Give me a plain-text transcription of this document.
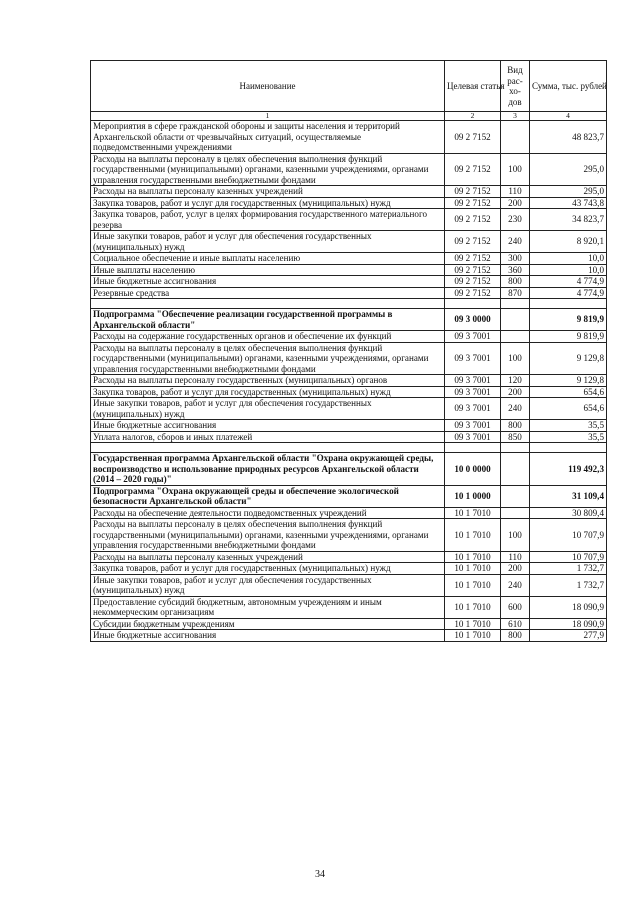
Наименование	Целевая статья	Вид рас-хо-дов	Сумма, тыс. рублей
1	2	3	4
Мероприятия в сфере гражданской обороны и защиты населения и территорий Архангельской области от чрезвычайных ситуаций, осуществляемые подведомственными учреждениями	09 2 7152		48 823,7
Расходы на выплаты персоналу в целях обеспечения выполнения функций государственными (муниципальными) органами, казенными учреждениями, органами управления государственными внебюджетными фондами	09 2 7152	100	295,0
Расходы на выплаты персоналу казенных учреждений	09 2 7152	110	295,0
Закупка товаров, работ и услуг для государственных (муниципальных) нужд	09 2 7152	200	43 743,8
Закупка товаров, работ, услуг в целях формирования государственного материального резерва	09 2 7152	230	34 823,7
Иные закупки товаров, работ и услуг для обеспечения государственных (муниципальных) нужд	09 2 7152	240	8 920,1
Социальное обеспечение и иные выплаты населению	09 2 7152	300	10,0
Иные выплаты населению	09 2 7152	360	10,0
Иные бюджетные ассигнования	09 2 7152	800	4 774,9
Резервные средства	09 2 7152	870	4 774,9

Подпрограмма "Обеспечение реализации государственной программы в Архангельской области"	09 3 0000		9 819,9
Расходы на содержание государственных органов и обеспечение их функций	09 3 7001		9 819,9
Расходы на выплаты персоналу в целях обеспечения выполнения функций государственными (муниципальными) органами, казенными учреждениями, органами управления государственными внебюджетными фондами	09 3 7001	100	9 129,8
Расходы на выплаты персоналу государственных (муниципальных) органов	09 3 7001	120	9 129,8
Закупка товаров, работ и услуг для государственных (муниципальных) нужд	09 3 7001	200	654,6
Иные закупки товаров, работ и услуг для обеспечения государственных (муниципальных) нужд	09 3 7001	240	654,6
Иные бюджетные ассигнования	09 3 7001	800	35,5
Уплата налогов, сборов и иных платежей	09 3 7001	850	35,5

Государственная программа Архангельской области "Охрана окружающей среды, воспроизводство и использование природных ресурсов Архангельской области (2014 – 2020 годы)"	10 0 0000		119 492,3
Подпрограмма "Охрана окружающей среды и обеспечение экологической безопасности Архангельской области"	10 1 0000		31 109,4
Расходы на обеспечение деятельности подведомственных учреждений	10 1 7010		30 809,4
Расходы на выплаты персоналу в целях обеспечения выполнения функций государственными (муниципальными) органами, казенными учреждениями, органами управления государственными внебюджетными фондами	10 1 7010	100	10 707,9
Расходы на выплаты персоналу казенных учреждений	10 1 7010	110	10 707,9
Закупка товаров, работ и услуг для государственных (муниципальных) нужд	10 1 7010	200	1 732,7
Иные закупки товаров, работ и услуг для обеспечения государственных (муниципальных) нужд	10 1 7010	240	1 732,7
Предоставление субсидий бюджетным, автономным учреждениям и иным некоммерческим организациям	10 1 7010	600	18 090,9
Субсидии бюджетным учреждениям	10 1 7010	610	18 090,9
Иные бюджетные ассигнования	10 1 7010	800	277,9
34
